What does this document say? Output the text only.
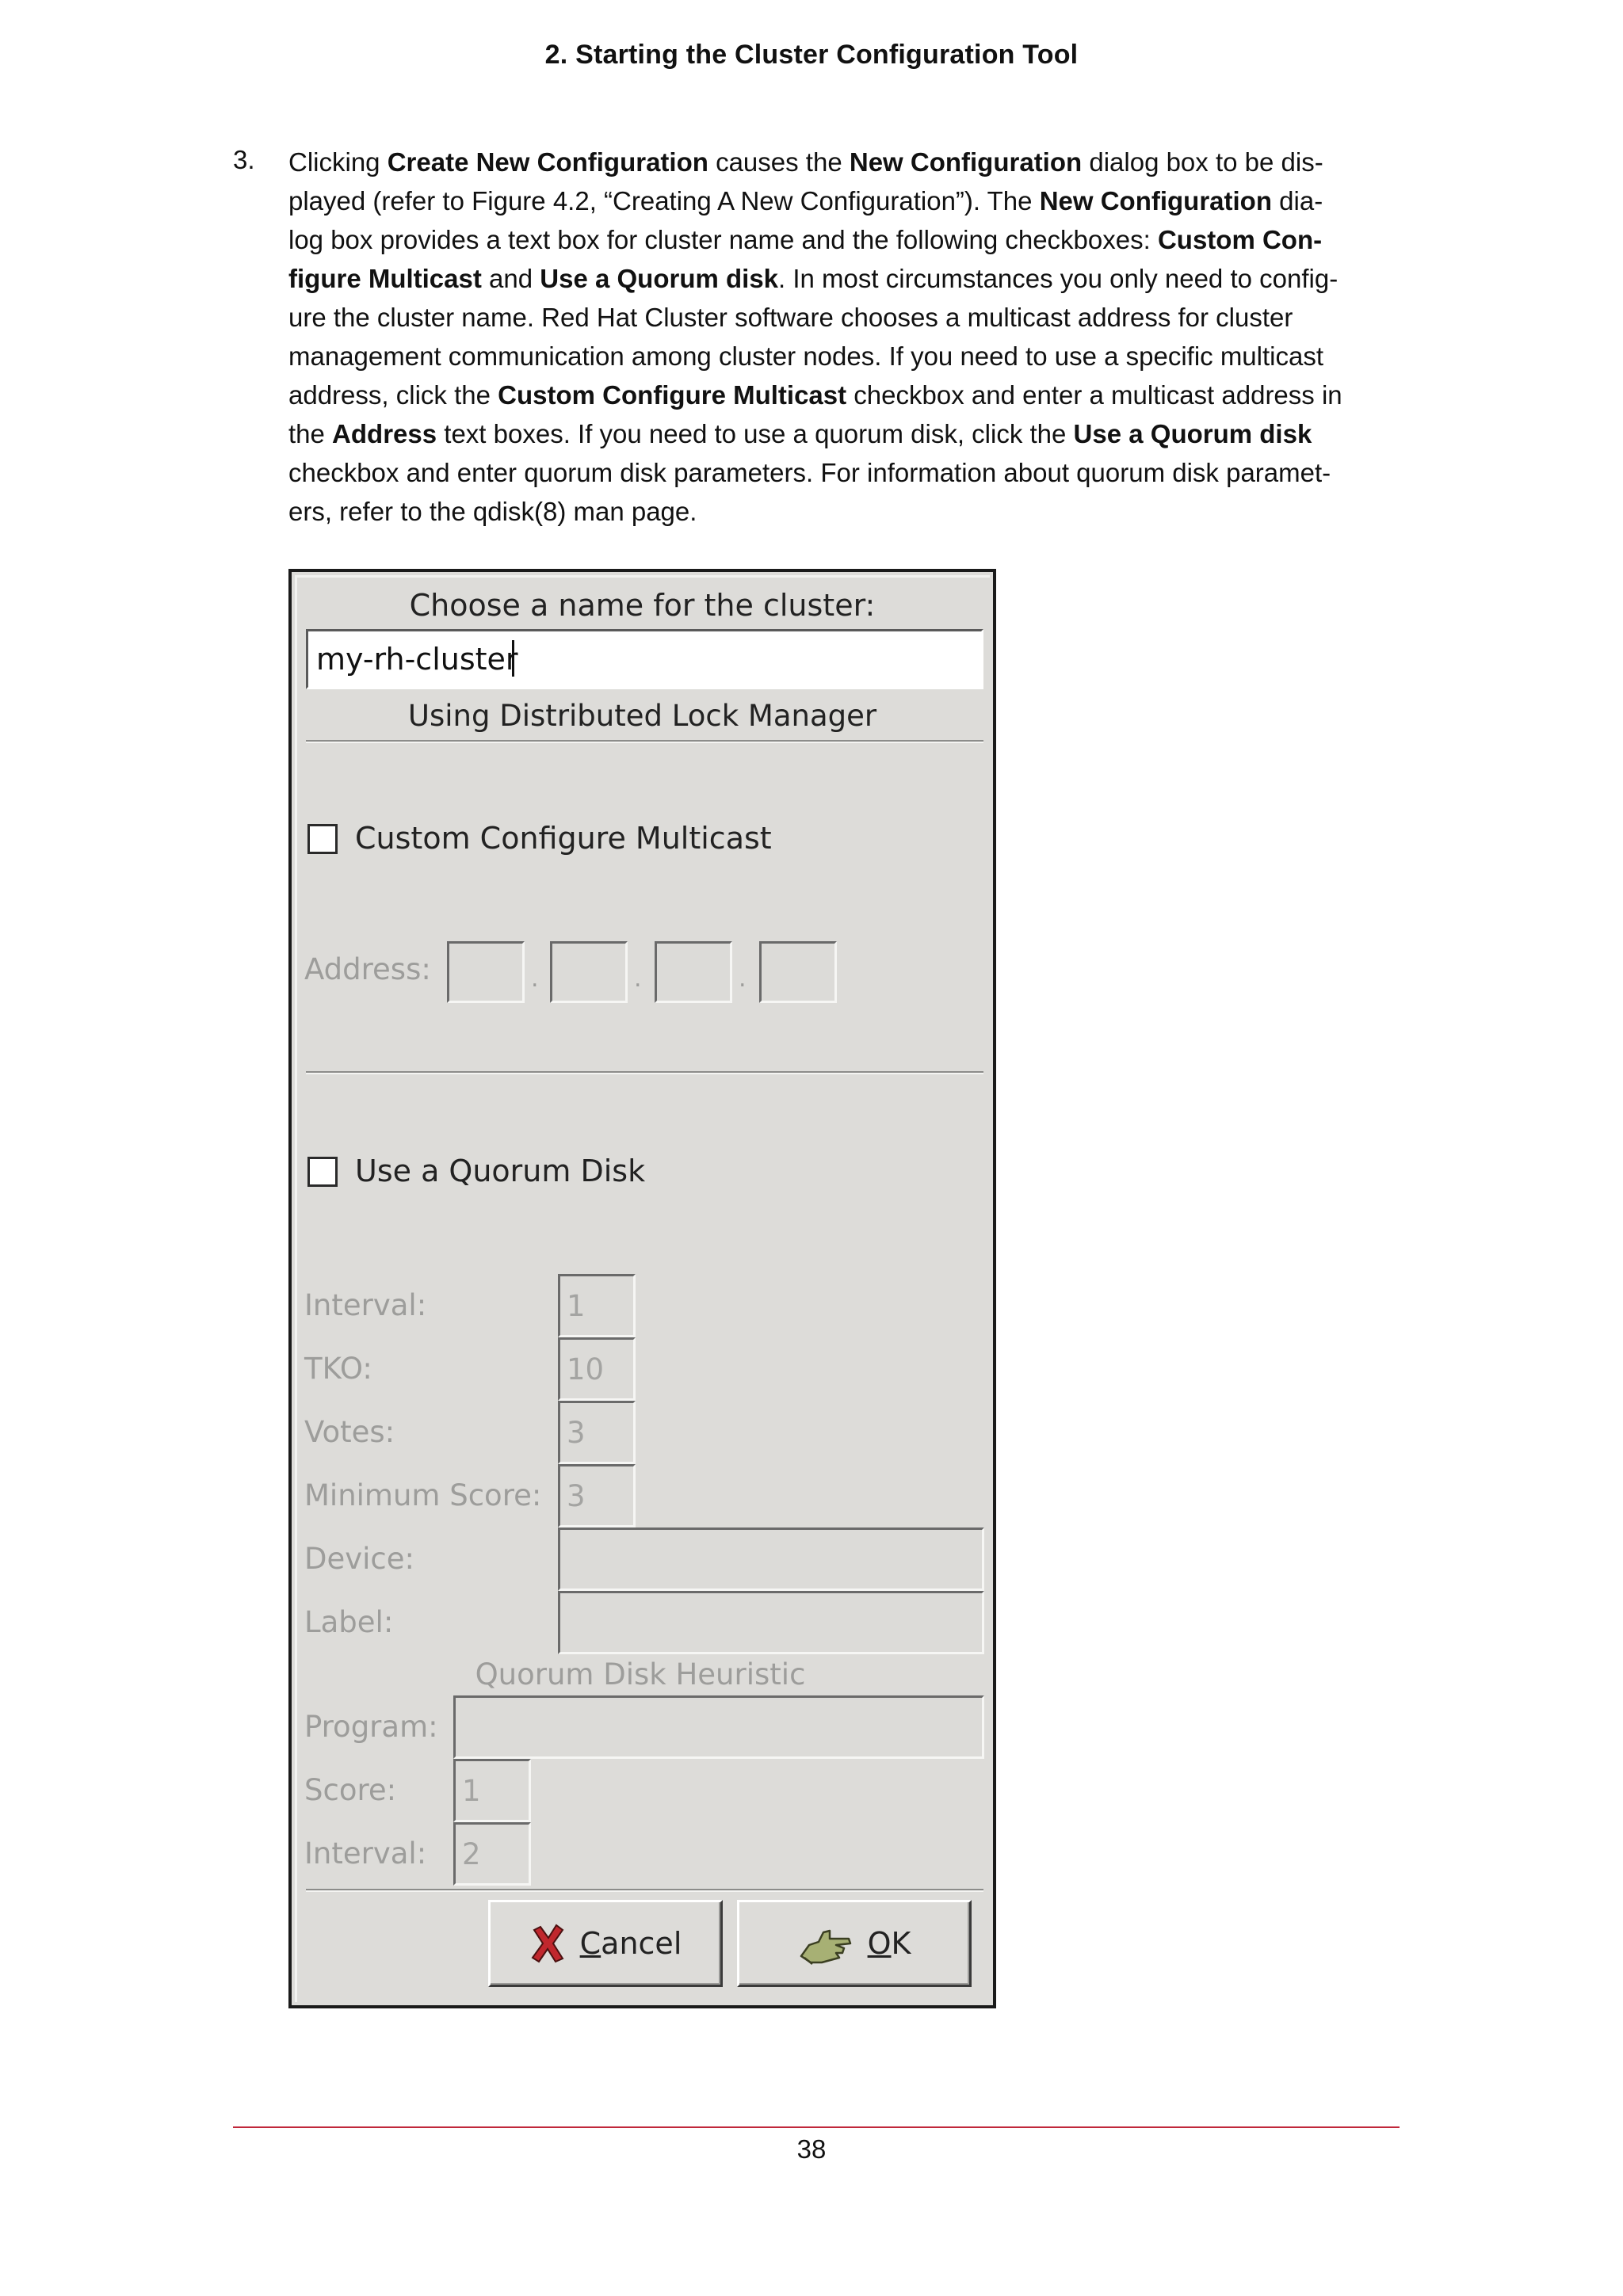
2. Starting the Cluster Configuration Tool
3. Clicking Create New Configuration causes the New Configuration dialog box to be dis-
played (refer to Figure 4.2, “Creating A New Configuration”). The New Configuration dia-
log box provides a text box for cluster name and the following checkboxes: Custom Con-
figure Multicast and Use a Quorum disk. In most circumstances you only need to config-
ure the cluster name. Red Hat Cluster software chooses a multicast address for cluster
management communication among cluster nodes. If you need to use a specific multicast
address, click the Custom Configure Multicast checkbox and enter a multicast address in
the Address text boxes. If you need to use a quorum disk, click the Use a Quorum disk
checkbox and enter quorum disk parameters. For information about quorum disk paramet-
ers, refer to the qdisk(8) man page.
Choose a name for the cluster:
my-rh-cluster
Using Distributed Lock Manager
Custom Configure Multicast
Address:	.	.	.
Use a Quorum Disk
Interval:
1
TKO:
10
Votes:
3
Minimum Score:
3
Device:
Label:
Quorum Disk Heuristic
Program:
Score:
1
Interval:
2
Cancel	OK
38
